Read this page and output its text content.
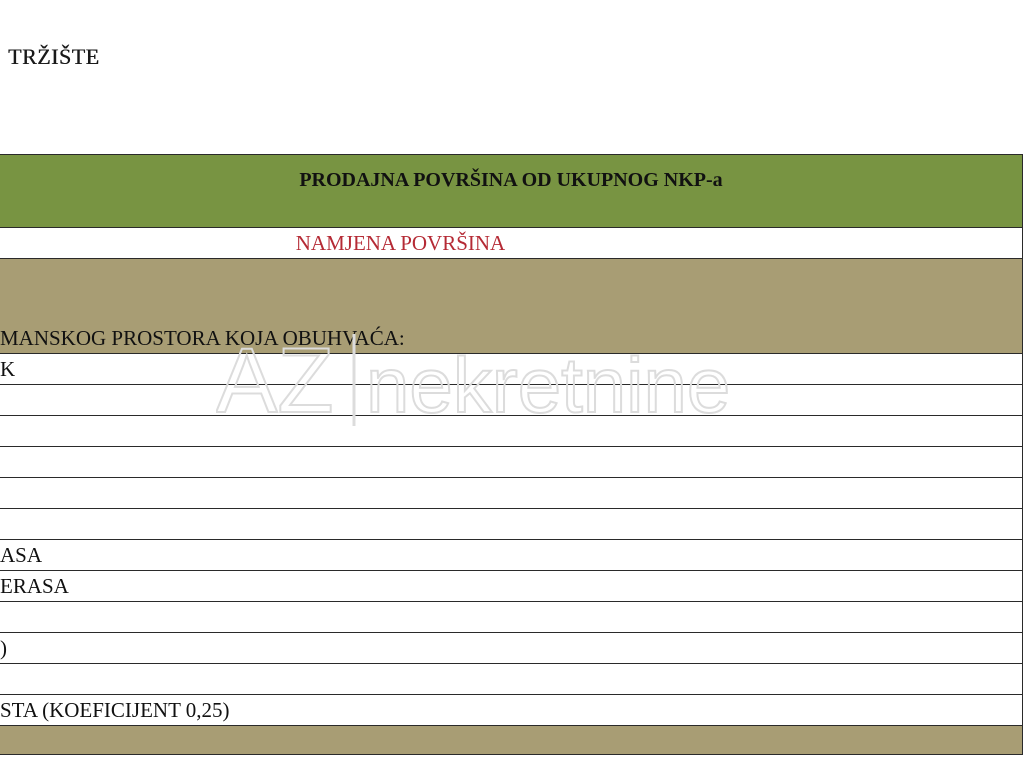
TRŽIŠTE
PRODAJNA POVRŠINA OD UKUPNOG NKP-a
NAMJENA POVRŠINA
MANSKOG PROSTORA KOJA OBUHVAĆA:
K

ASA
ERASA

)

STA (KOEFICIJENT 0,25)

AZ nekretnine
